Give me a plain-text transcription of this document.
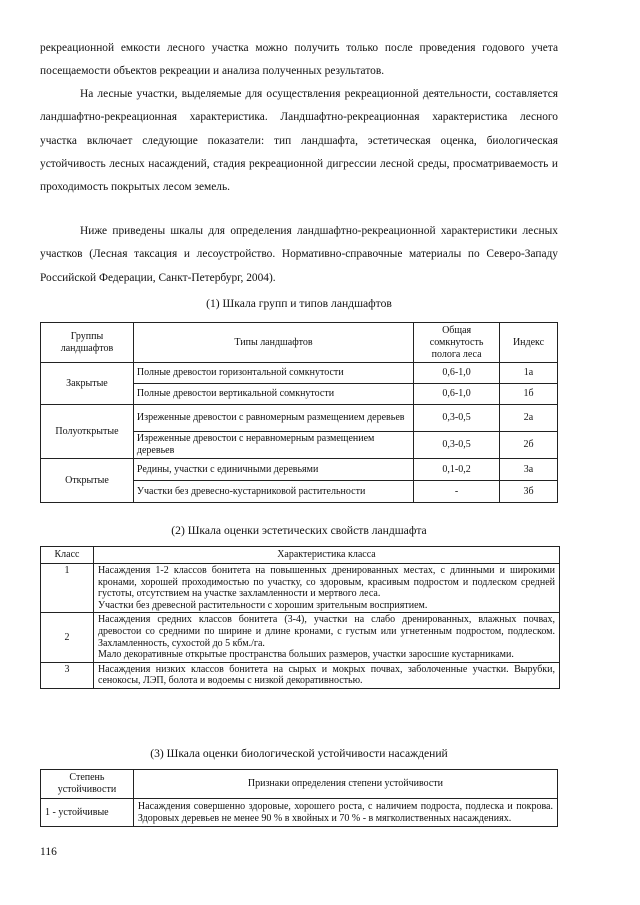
рекреационной емкости лесного участка можно получить только после проведения годового учета посещаемости объектов рекреации и анализа полученных результатов.

На лесные участки, выделяемые для осуществления рекреационной деятельности, составляется ландшафтно-рекреационная характеристика. Ландшафтно-рекреационная характеристика лесного участка включает следующие показатели: тип ландшафта, эстетическая оценка, биологическая устойчивость лесных насаждений, стадия рекреационной дигрессии лесной среды, просматриваемость и проходимость покрытых лесом земель.

Ниже приведены шкалы для определения ландшафтно-рекреационной характеристики лесных участков (Лесная таксация и лесоустройство. Нормативно-справочные материалы по Северо-Западу Российской Федерации, Санкт-Петербург, 2004).

(1) Шкала групп и типов ландшафтов
Группы ландшафтов	Типы ландшафтов	Общая сомкнутость полога леса	Индекс
Закрытые	Полные древостои горизонтальной сомкнутости	0,6-1,0	1а
	Полные древостои вертикальной сомкнутости	0,6-1,0	1б
Полуоткрытые	Изреженные древостои с равномерным размещением деревьев	0,3-0,5	2а
	Изреженные древостои с неравномерным размещением деревьев	0,3-0,5	2б
Открытые	Редины, участки с единичными деревьями	0,1-0,2	3а
	Участки без древесно-кустарниковой растительности	-	3б
(2) Шкала оценки эстетических свойств ландшафта
Класс	Характеристика класса
1	Насаждения 1-2 классов бонитета на повышенных дренированных местах, с длинными и широкими кронами, хорошей проходимостью по участку, со здоровым, красивым подростом и подлеском средней густоты, отсутствием на участке захламленности и мертвого леса.
Участки без древесной растительности с хорошим зрительным восприятием.

2	Насаждения средних классов бонитета (3-4), участки на слабо дренированных, влажных почвах, древостои со средними по ширине и длине кронами, с густым или угнетенным подростом, подлеском. Захламленность, сухостой до 5 кбм./га.
Мало декоративные открытые пространства больших размеров, участки заросшие кустарниками.

3	Насаждения низких классов бонитета на сырых и мокрых почвах, заболоченные участки. Вырубки, сенокосы, ЛЭП, болота и водоемы с низкой декоративностью.
(3) Шкала оценки биологической устойчивости насаждений
Степень устойчивости	Признаки определения степени устойчивости
1 - устойчивые	Насаждения совершенно здоровые, хорошего роста, с наличием подроста, подлеска и покрова. Здоровых деревьев не менее 90 % в хвойных и 70 % - в мягколиственных насаждениях.
116
